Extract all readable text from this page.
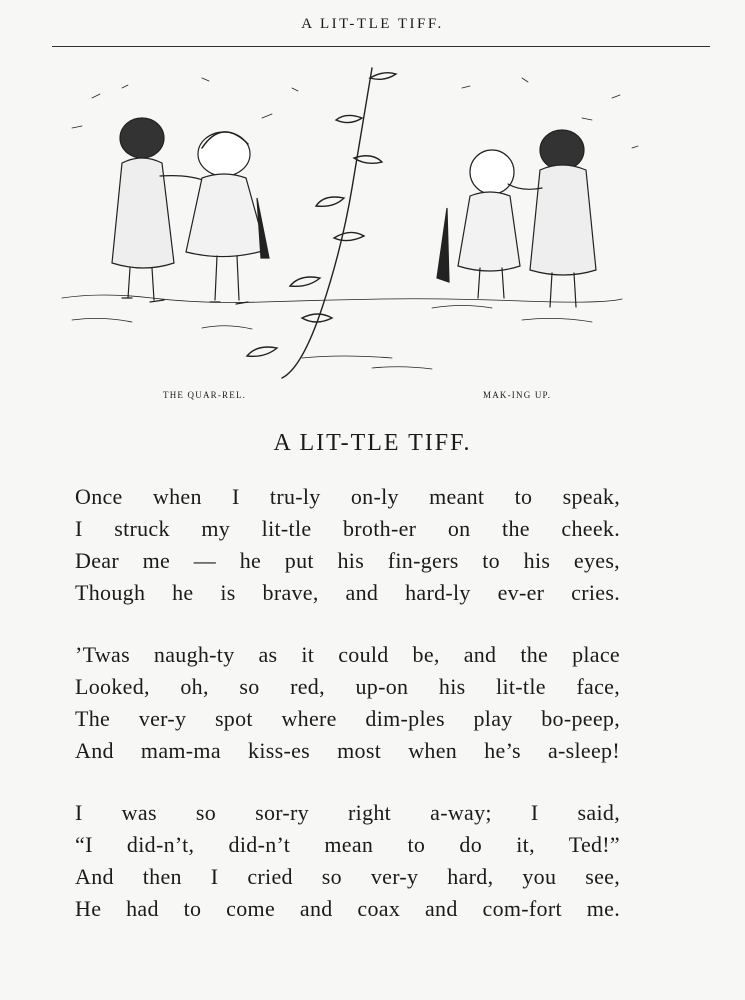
A LIT-TLE TIFF.
THE QUAR-REL.	MAK-ING UP.
A LIT-TLE TIFF.
Once when I tru-ly on-ly meant to speak,
I struck my lit-tle broth-er on the cheek.
Dear me — he put his fin-gers to his eyes,
Though he is brave, and hard-ly ev-er cries.
’Twas naugh-ty as it could be, and the place
Looked, oh, so red, up-on his lit-tle face,
The ver-y spot where dim-ples play bo-peep,
And mam-ma kiss-es most when he’s a-sleep!
I was so sor-ry right a-way; I said,
“I did-n’t, did-n’t mean to do it, Ted!”
And then I cried so ver-y hard, you see,
He had to come and coax and com-fort me.
